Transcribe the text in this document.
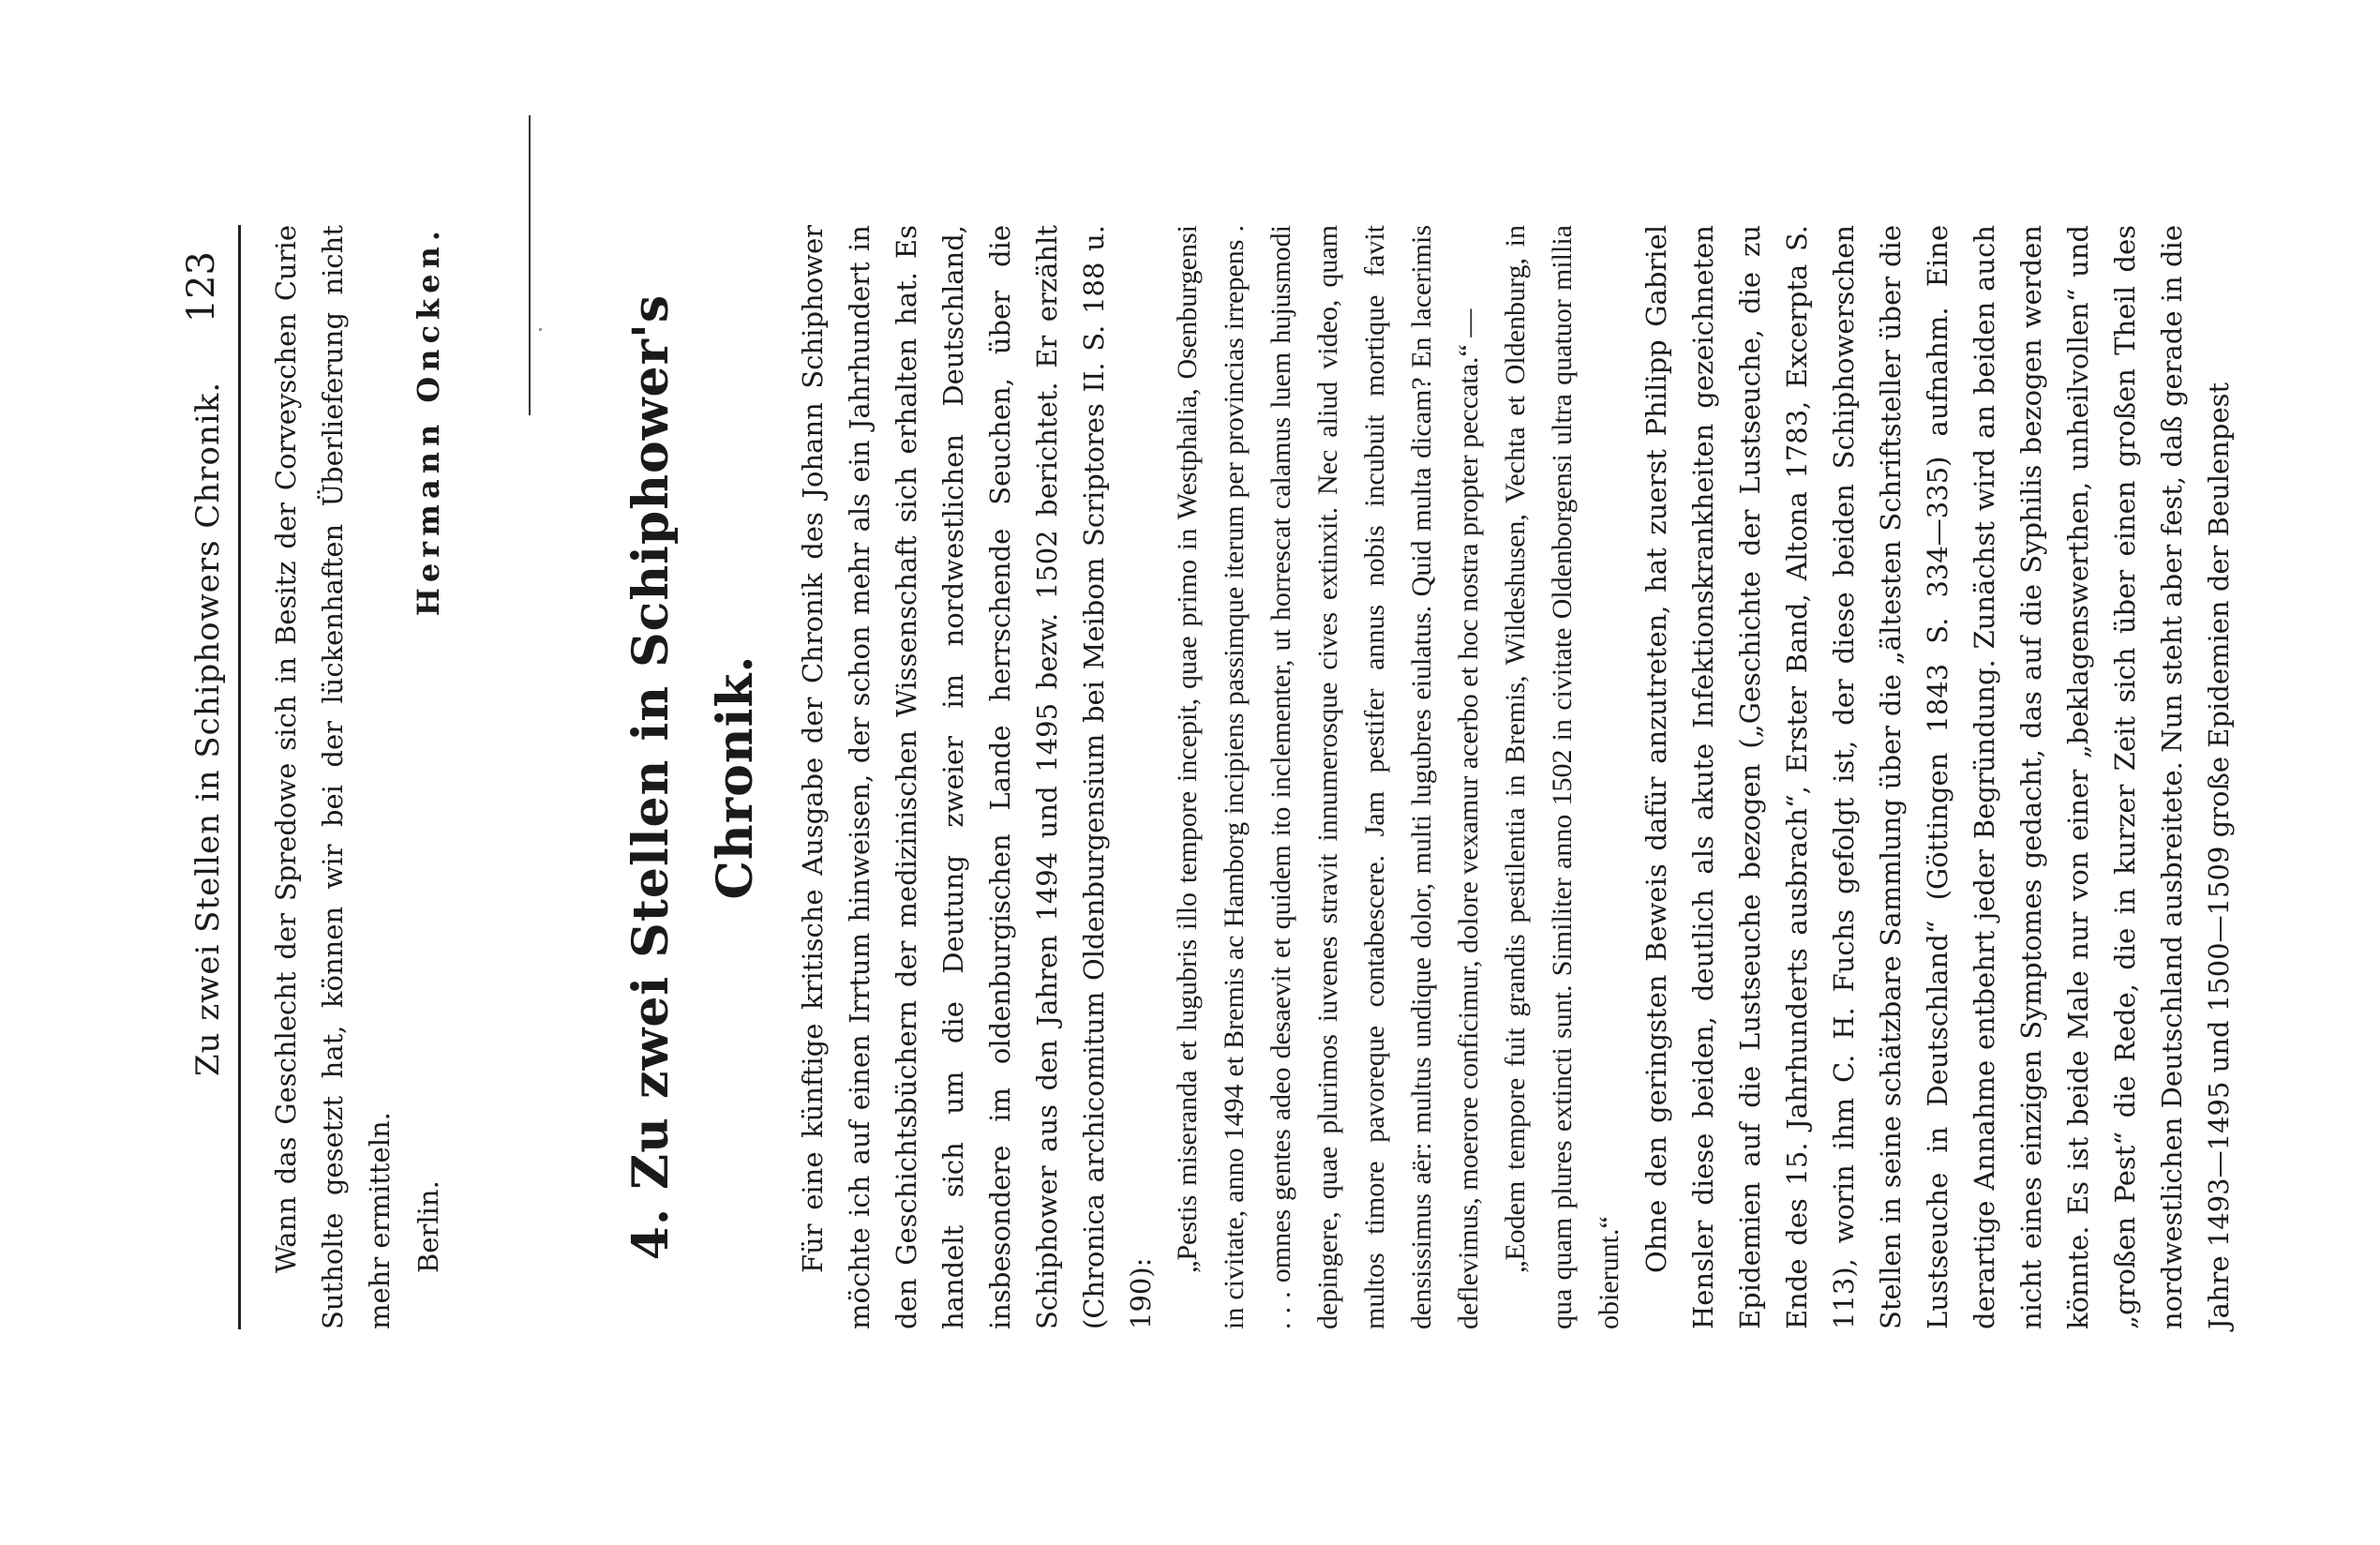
Zu zwei Stellen in Schiphowers Chronik.
123 Wann das Geschlecht der Spredowe sich in Besitz der Corveyschen Curie Sutholte gesetzt hat, können wir bei der lückenhaften Überlieferung nicht mehr ermitteln. Berlin.
Hermann Oncken.	4. Zu zwei Stellen in Schiphower's Chronik.	Für eine künftige kritische Ausgabe der Chronik des Johann Schiphower möchte ich auf einen Irrtum hinweisen, der schon mehr als ein Jahrhundert in den Geschichtsbüchern der medizinischen Wissenschaft sich erhalten hat. Es handelt sich um die Deutung zweier im nordwestlichen Deutschland, insbesondere im oldenburgischen Lande herrschende Seuchen, über die Schiphower aus den Jahren 1494 und 1495 bezw. 1502 berichtet. Er erzählt (Chronica archicomitum Oldenburgensium bei Meibom Scriptores II. S. 188 u. 190):

„Pestis miseranda et lugubris illo tempore incepit, quae primo in Westphalia, Osenburgensi in civitate, anno 1494 et Bremis ac Hamborg incipiens passimque iterum per provincias irrepens . . . . omnes gentes adeo desaevit et quidem ito inclementer, ut horrescat calamus luem hujusmodi depingere, quae plurimos iuvenes stravit innumerosque cives extinxit. Nec aliud video, quam multos timore pavoreque contabescere. Jam pestifer annus nobis incubuit mortique favit densissimus aër: multus undique dolor, multi lugubres eiulatus. Quid multa dicam? En lacerimis deflevimus, moerore conficimur, dolore vexamur acerbo et hoc nostra propter peccata.“ — „Eodem tempore fuit grandis pestilentia in Bremis, Wildeshusen, Vechta et Oldenburg, in qua quam plures extincti sunt. Similiter anno 1502 in civitate Oldenborgensi ultra quatuor millia obierunt.“ Ohne den geringsten Beweis dafür anzutreten, hat zuerst Philipp Gabriel Hensler diese beiden, deutlich als akute Infektionskrankheiten gezeichneten Epidemien auf die Lustseuche bezogen („Geschichte der Lustseuche, die zu Ende des 15. Jahrhunderts ausbrach“, Erster Band, Altona 1783, Excerpta S. 113), worin ihm C. H. Fuchs gefolgt ist, der diese beiden Schiphowerschen Stellen in seine schätzbare Sammlung über die „ältesten Schriftsteller über die Lustseuche in Deutschland“ (Göttingen 1843 S. 334—335) aufnahm. Eine derartige Annahme entbehrt jeder Begründung. Zunächst wird an beiden auch nicht eines einzigen Symptomes gedacht, das auf die Syphilis bezogen werden könnte. Es ist beide Male nur von einer „beklagenswerthen, unheilvollen“ und „großen Pest“ die Rede, die in kurzer Zeit sich über einen großen Theil des nordwestlichen Deutschland ausbreitete. Nun steht aber fest, daß gerade in die Jahre 1493—1495 und 1500—1509 große Epidemien der Beulenpest
